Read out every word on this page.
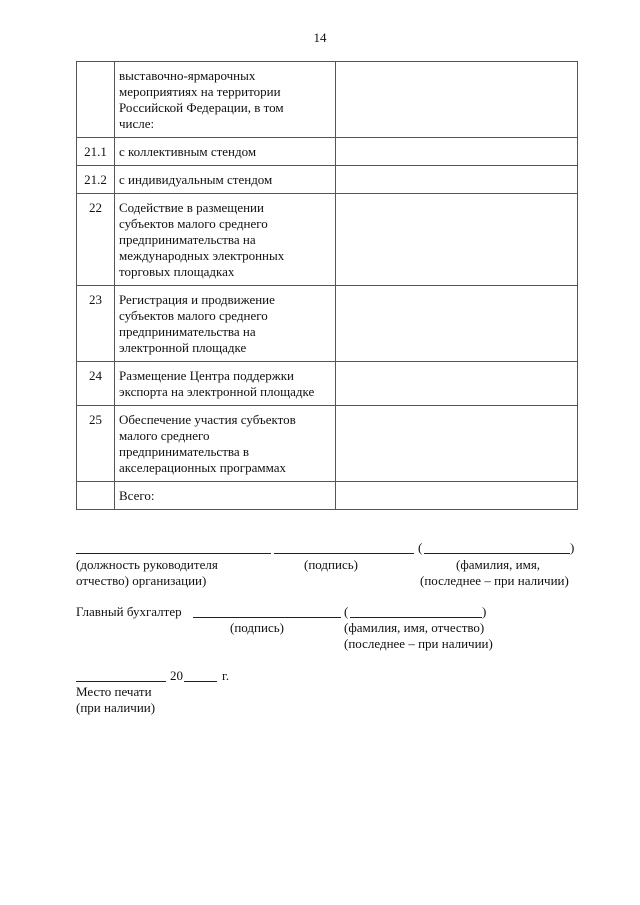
14

	выставочно-ярмарочных
мероприятиях на территории
Российской Федерации, в том
числе:	

21.1	с коллективным стендом	

21.2	с индивидуальным стендом	

22	Содействие в размещении
субъектов малого среднего
предпринимательства на
международных электронных
торговых площадках	

23	Регистрация и продвижение
субъектов малого среднего
предпринимательства на
электронной площадке	

24	Размещение Центра поддержки
экспорта на электронной площадке	

25	Обеспечение участия субъектов
малого среднего
предпринимательства в
акселерационных программах	

	Всего:	

(	)
(должность руководителя	(подпись)	(фамилия, имя,
отчество) организации)	(последнее – при наличии)
Главный бухгалтер	(	)
(подпись)	(фамилия, имя, отчество)
(последнее – при наличии)
20	г.
Место печати
(при наличии)
